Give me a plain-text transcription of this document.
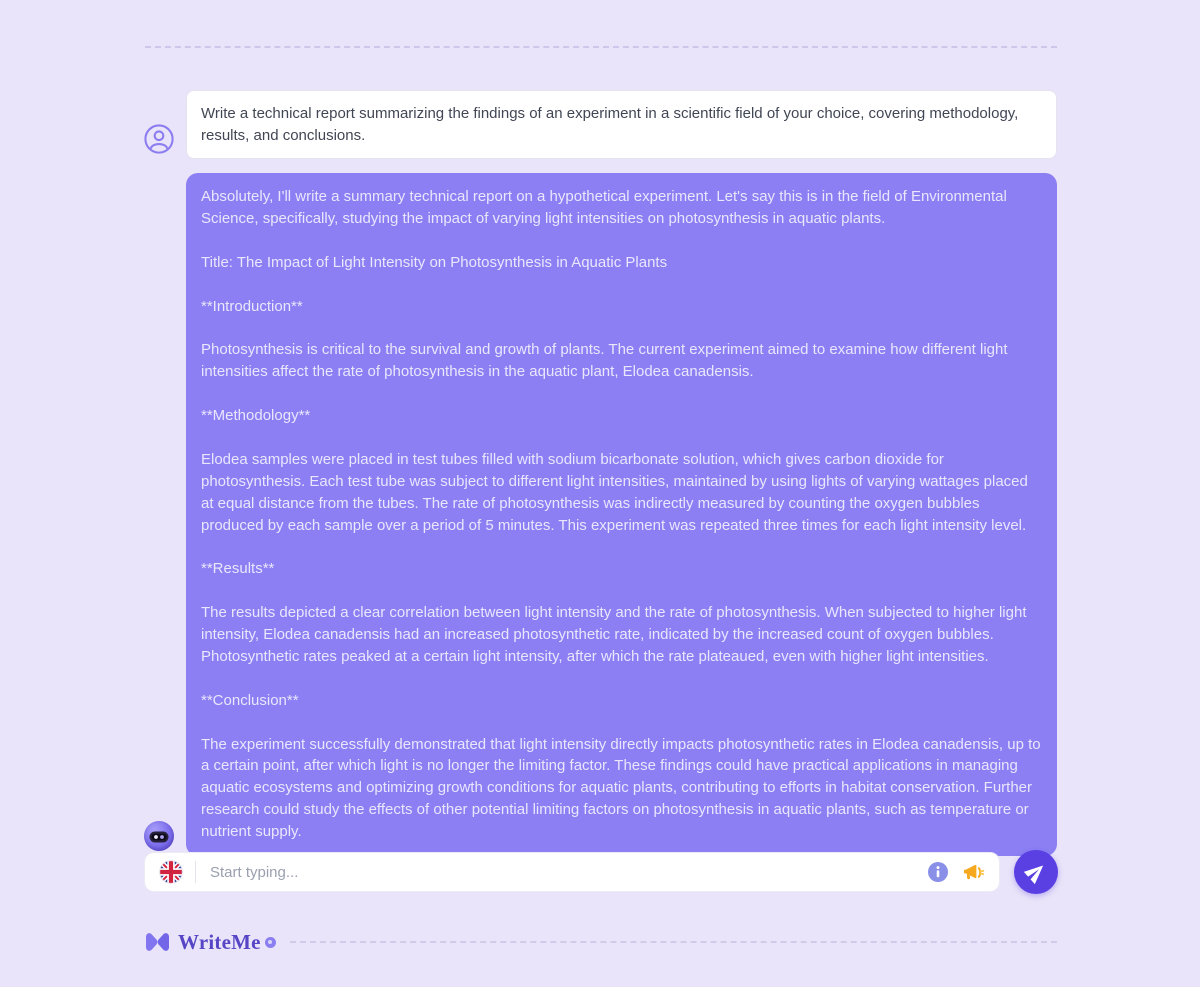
Write a technical report summarizing the findings of an experiment in a scientific field of your choice, covering methodology, results, and conclusions.

Absolutely, I'll write a summary technical report on a hypothetical experiment. Let's say this is in the field of Environmental Science, specifically, studying the impact of varying light intensities on photosynthesis in aquatic plants.

Title: The Impact of Light Intensity on Photosynthesis in Aquatic Plants

**Introduction**

Photosynthesis is critical to the survival and growth of plants. The current experiment aimed to examine how different light intensities affect the rate of photosynthesis in the aquatic plant, Elodea canadensis.

**Methodology**

Elodea samples were placed in test tubes filled with sodium bicarbonate solution, which gives carbon dioxide for photosynthesis. Each test tube was subject to different light intensities, maintained by using lights of varying wattages placed at equal distance from the tubes. The rate of photosynthesis was indirectly measured by counting the oxygen bubbles produced by each sample over a period of 5 minutes. This experiment was repeated three times for each light intensity level.

**Results**

The results depicted a clear correlation between light intensity and the rate of photosynthesis. When subjected to higher light intensity, Elodea canadensis had an increased photosynthetic rate, indicated by the increased count of oxygen bubbles. Photosynthetic rates peaked at a certain light intensity, after which the rate plateaued, even with higher light intensities.

**Conclusion**

The experiment successfully demonstrated that light intensity directly impacts photosynthetic rates in Elodea canadensis, up to a certain point, after which light is no longer the limiting factor. These findings could have practical applications in managing aquatic ecosystems and optimizing growth conditions for aquatic plants, contributing to efforts in habitat conservation. Further research could study the effects of other potential limiting factors on photosynthesis in aquatic plants, such as temperature or nutrient supply.

Start typing...
WriteMe
